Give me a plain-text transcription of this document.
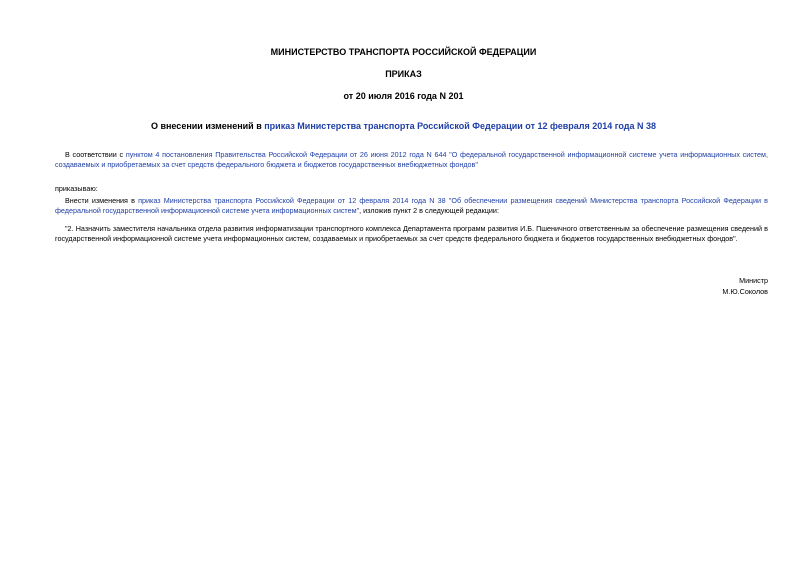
МИНИСТЕРСТВО ТРАНСПОРТА РОССИЙСКОЙ ФЕДЕРАЦИИ
ПРИКАЗ
от 20 июля 2016 года N 201
О внесении изменений в приказ Министерства транспорта Российской Федерации от 12 февраля 2014 года N 38
В соответствии с пунктом 4 постановления Правительства Российской Федерации от 26 июня 2012 года N 644 "О федеральной государственной информационной системе учета информационных систем, создаваемых и приобретаемых за счет средств федерального бюджета и бюджетов государственных внебюджетных фондов"
приказываю:
Внести изменения в приказ Министерства транспорта Российской Федерации от 12 февраля 2014 года N 38 "Об обеспечении размещения сведений Министерства транспорта Российской Федерации в федеральной государственной информационной системе учета информационных систем", изложив пункт 2 в следующей редакции:
"2. Назначить заместителя начальника отдела развития информатизации транспортного комплекса Департамента программ развития И.Б. Пшеничного ответственным за обеспечение размещения сведений в государственной информационной системе учета информационных систем, создаваемых и приобретаемых за счет средств федерального бюджета и бюджетов государственных внебюджетных фондов".
Министр
М.Ю.Соколов
